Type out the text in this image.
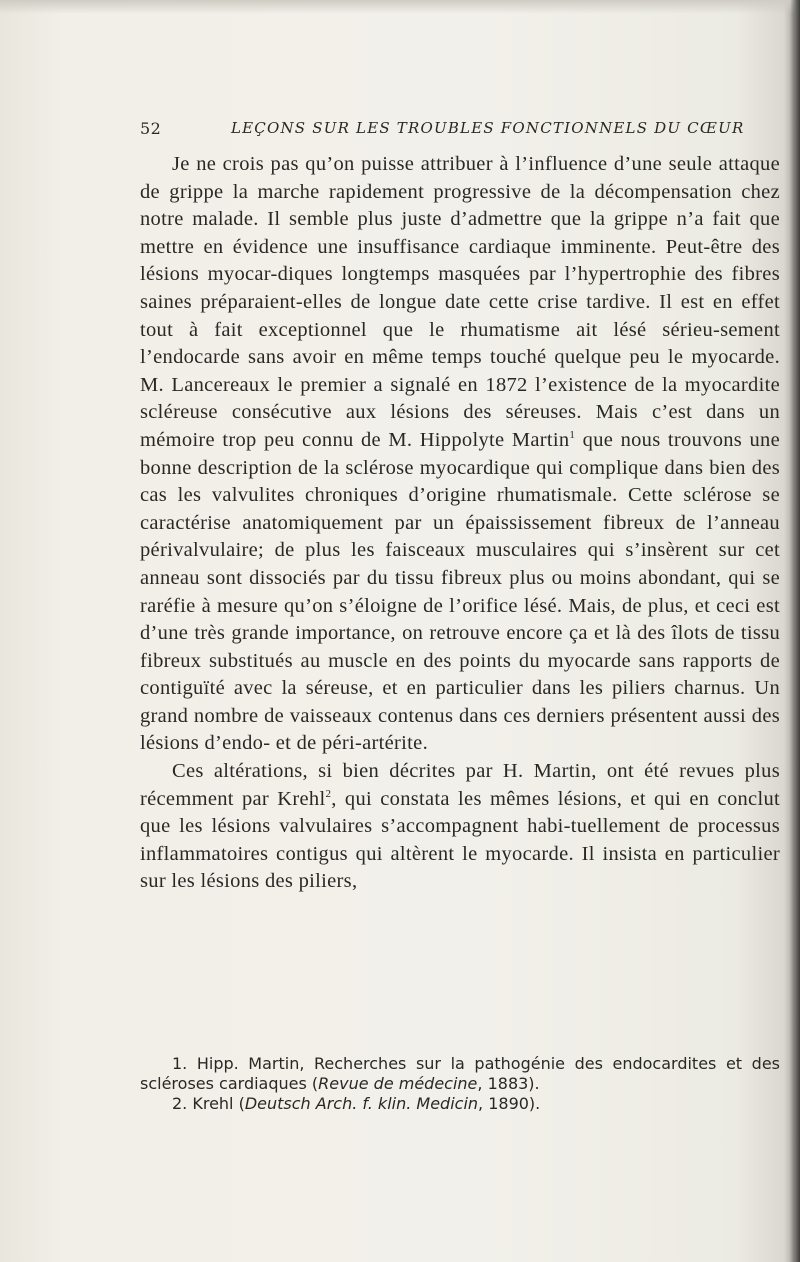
52	LEÇONS SUR LES TROUBLES FONCTIONNELS DU CŒUR

Je ne crois pas qu’on puisse attribuer à l’influence d’une seule attaque de grippe la marche rapidement progressive de la décompensation chez notre malade. Il semble plus juste d’admettre que la grippe n’a fait que mettre en évidence une insuffisance cardiaque imminente. Peut-être des lésions myocar-diques longtemps masquées par l’hypertrophie des fibres saines préparaient-elles de longue date cette crise tardive. Il est en effet tout à fait exceptionnel que le rhumatisme ait lésé sérieu-sement l’endocarde sans avoir en même temps touché quelque peu le myocarde. M. Lancereaux le premier a signalé en 1872 l’existence de la myocardite scléreuse consécutive aux lésions des séreuses. Mais c’est dans un mémoire trop peu connu de M. Hippolyte Martin$^1$ que nous trouvons une bonne description de la sclérose myocardique qui complique dans bien des cas les valvulites chroniques d’origine rhumatismale. Cette sclérose se caractérise anatomiquement par un épaississement fibreux de l’anneau périvalvulaire; de plus les faisceaux musculaires qui s’insèrent sur cet anneau sont dissociés par du tissu fibreux plus ou moins abondant, qui se raréfie à mesure qu’on s’éloigne de l’orifice lésé. Mais, de plus, et ceci est d’une très grande importance, on retrouve encore ça et là des îlots de tissu fibreux substitués au muscle en des points du myocarde sans rapports de contiguïté avec la séreuse, et en particulier dans les piliers charnus. Un grand nombre de vaisseaux contenus dans ces derniers présentent aussi des lésions d’endo- et de péri-artérite.

Ces altérations, si bien décrites par H. Martin, ont été revues plus récemment par Krehl$^2$, qui constata les mêmes lésions, et qui en conclut que les lésions valvulaires s’accompagnent habi-tuellement de processus inflammatoires contigus qui altèrent le myocarde. Il insista en particulier sur les lésions des piliers,

1. Hipp. Martin, Recherches sur la pathogénie des endocardites et des scléroses cardiaques (Revue de médecine, 1883).

2. Krehl (Deutsch Arch. f. klin. Medicin, 1890).
